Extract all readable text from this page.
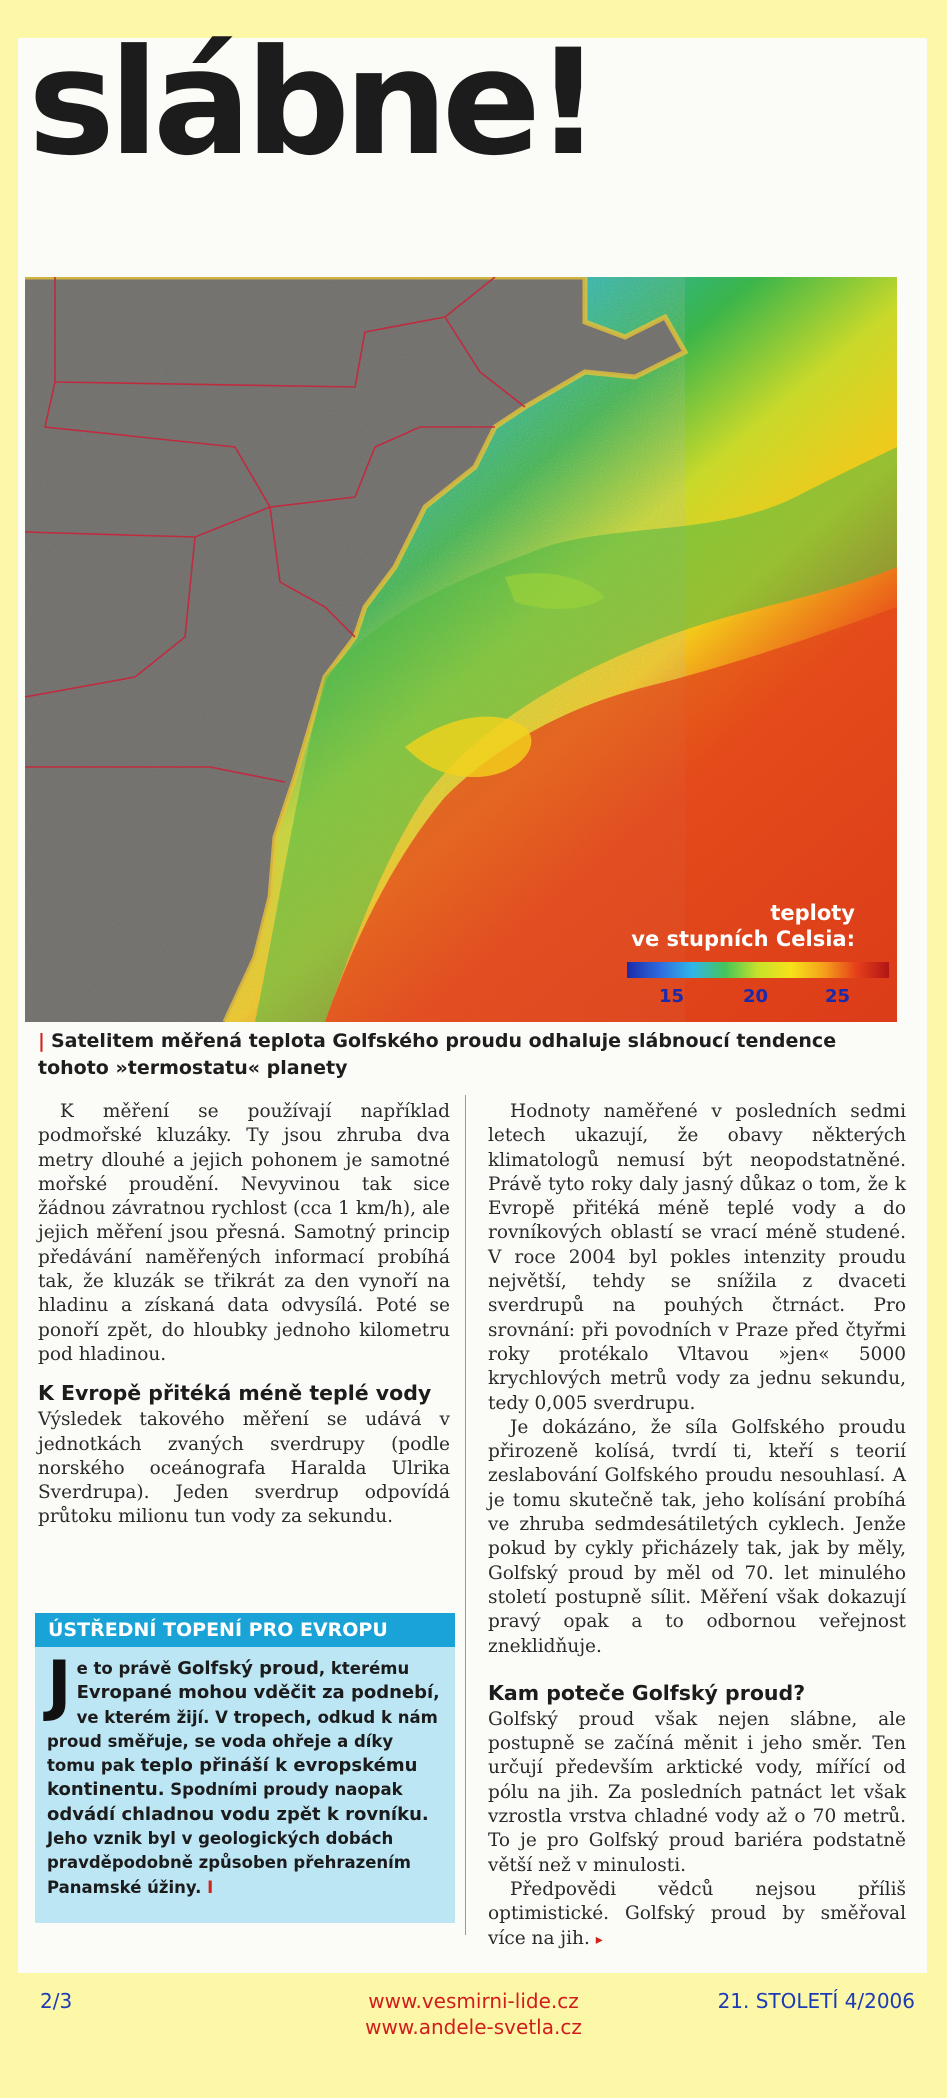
slábne!
teploty
ve stupních Celsia:
15	20	25
| Satelitem měřená teplota Golfského proudu odhaluje slábnoucí tendence tohoto »termostatu« planety

K měření se používají například podmořské kluzáky. Ty jsou zhruba dva metry dlouhé a jejich pohonem je samotné mořské proudění. Nevyvinou tak sice žádnou závratnou rychlost (cca 1 km/h), ale jejich měření jsou přesná. Samotný princip předávání naměřených informací probíhá tak, že kluzák se třikrát za den vynoří na hladinu a získaná data odvysílá. Poté se ponoří zpět, do hloubky jednoho kilometru pod hladinou.

K Evropě přitéká méně teplé vody

Výsledek takového měření se udává v jednotkách zvaných sverdrupy (podle norského oceánografa Haralda Ulrika Sverdrupa). Jeden sverdrup odpovídá průtoku milionu tun vody za sekundu.

ÚSTŘEDNÍ TOPENÍ PRO EVROPU
Je to právě Golfský proud, kterému Evropané mohou vděčit za podnebí, ve kterém žijí. V tropech, odkud k nám proud směřuje, se voda ohřeje a díky tomu pak teplo přináší k evropskému kontinentu. Spodními proudy naopak odvádí chladnou vodu zpět k rovníku. Jeho vznik byl v geologických dobách pravděpodobně způsoben přehrazením Panamské úžiny. I

Hodnoty naměřené v posledních sedmi letech ukazují, že obavy některých klimatologů nemusí být neopodstatněné. Právě tyto roky daly jasný důkaz o tom, že k Evropě přitéká méně teplé vody a do rovníkových oblastí se vrací méně studené. V roce 2004 byl pokles intenzity proudu největší, tehdy se snížila z dvaceti sverdrupů na pouhých čtrnáct. Pro srovnání: při povodních v Praze před čtyřmi roky protékalo Vltavou »jen« 5000 krychlových metrů vody za jednu sekundu, tedy 0,005 sverdrupu.

Je dokázáno, že síla Golfského proudu přirozeně kolísá, tvrdí ti, kteří s teorií zeslabování Golfského proudu nesouhlasí. A je tomu skutečně tak, jeho kolísání probíhá ve zhruba sedmdesátiletých cyklech. Jenže pokud by cykly přicházely tak, jak by měly, Golfský proud by měl od 70. let minulého století postupně sílit. Měření však dokazují pravý opak a to odbornou veřejnost zneklidňuje.

Kam poteče Golfský proud?

Golfský proud však nejen slábne, ale postupně se začíná měnit i jeho směr. Ten určují především arktické vody, mířící od pólu na jih. Za posledních patnáct let však vzrostla vrstva chladné vody až o 70 metrů. To je pro Golfský proud bariéra podstatně větší než v minulosti.

Předpovědi vědců nejsou příliš optimistické. Golfský proud by směřoval více na jih. ▸

2/3	www.vesmirni-lide.cz
www.andele-svetla.cz
21. STOLETÍ 4/2006
